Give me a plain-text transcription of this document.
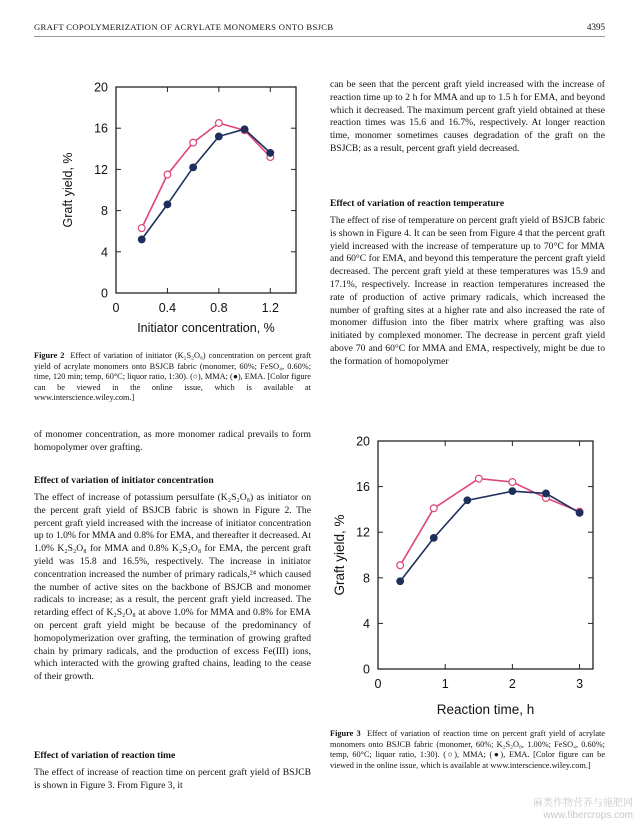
GRAFT COPOLYMERIZATION OF ACRYLATE MONOMERS ONTO BSJCB	4395
0
4
8
12
16
20
0	0.4	0.8	1.2
Initiator concentration, %
Graft yield, %

Figure 2 Effect of variation of initiator (K₂S₂O₈) concentration on percent graft yield of acrylate monomers onto BSJCB fabric (monomer, 60%; FeSO₄, 0.60%; time, 120 min; temp, 60°C; liquor ratio, 1:30). (○), MMA; (●), EMA. [Color figure can be viewed in the online issue, which is available at www.interscience.wiley.com.]

of monomer concentration, as more monomer radical prevails to form homopolymer over grafting.

Effect of variation of initiator concentration

The effect of increase of potassium persulfate (K₂S₂O₈) as initiator on the percent graft yield of BSJCB fabric is shown in Figure 2. The percent graft yield increased with the increase of initiator concentration up to 1.0% for MMA and 0.8% for EMA, and thereafter it decreased. At 1.0% K₂S₂O₈ for MMA and 0.8% K₂S₂O₈ for EMA, the percent graft yield was 15.8 and 16.5%, respectively. The increase in initiator concentration increased the number of primary radicals,²⁴ which caused the number of active sites on the backbone of BSJCB and monomer radicals to increase; as a result, the percent graft yield increased. The retarding effect of K₂S₂O₈ at above 1.0% for MMA and 0.8% for EMA on percent graft yield might be because of the predominancy of homopolymerization over grafting, the termination of growing grafted chain by primary radicals, and the production of excess Fe(III) ions, which interacted with the growing grafted chains, leading to the cease of their growth.

Effect of variation of reaction time

The effect of increase of reaction time on percent graft yield of BSJCB is shown in Figure 3. From Figure 3, it

can be seen that the percent graft yield increased with the increase of reaction time up to 2 h for MMA and up to 1.5 h for EMA, and beyond which it decreased. The maximum percent graft yield obtained at these reaction times was 15.6 and 16.7%, respectively. At longer reaction time, monomer sometimes causes degradation of the graft on the BSJCB; as a result, percent graft yield decreased.

Effect of variation of reaction temperature

The effect of rise of temperature on percent graft yield of BSJCB fabric is shown in Figure 4. It can be seen from Figure 4 that the percent graft yield increased with the increase of temperature up to 70°C for MMA and 60°C for EMA, and beyond this temperature the percent graft yield decreased. The percent graft yield at these temperatures was 15.9 and 17.1%, respectively. Increase in reaction temperatures increased the rate of production of active primary radicals, which increased the number of grafting sites at a higher rate and also increased the rate of monomer diffusion into the fiber matrix where grafting was also initiated by complexed monomer. The decrease in percent graft yield above 70 and 60°C for MMA and EMA, respectively, might be due to the formation of homopolymer

0
4
8
12
16
20
0	1	2	3
Reaction time, h
Graft yield, %

Figure 3 Effect of variation of reaction time on percent graft yield of acrylate monomers onto BSJCB fabric (monomer, 60%; K₂S₂O₈, 1.00%; FeSO₄, 0.60%; temp, 60°C; liquor ratio, 1:30). (○), MMA; (●), EMA. [Color figure can be viewed in the online issue, which is available at www.interscience.wiley.com.]

麻类作物营养与施肥网
www.fibercrops.com
